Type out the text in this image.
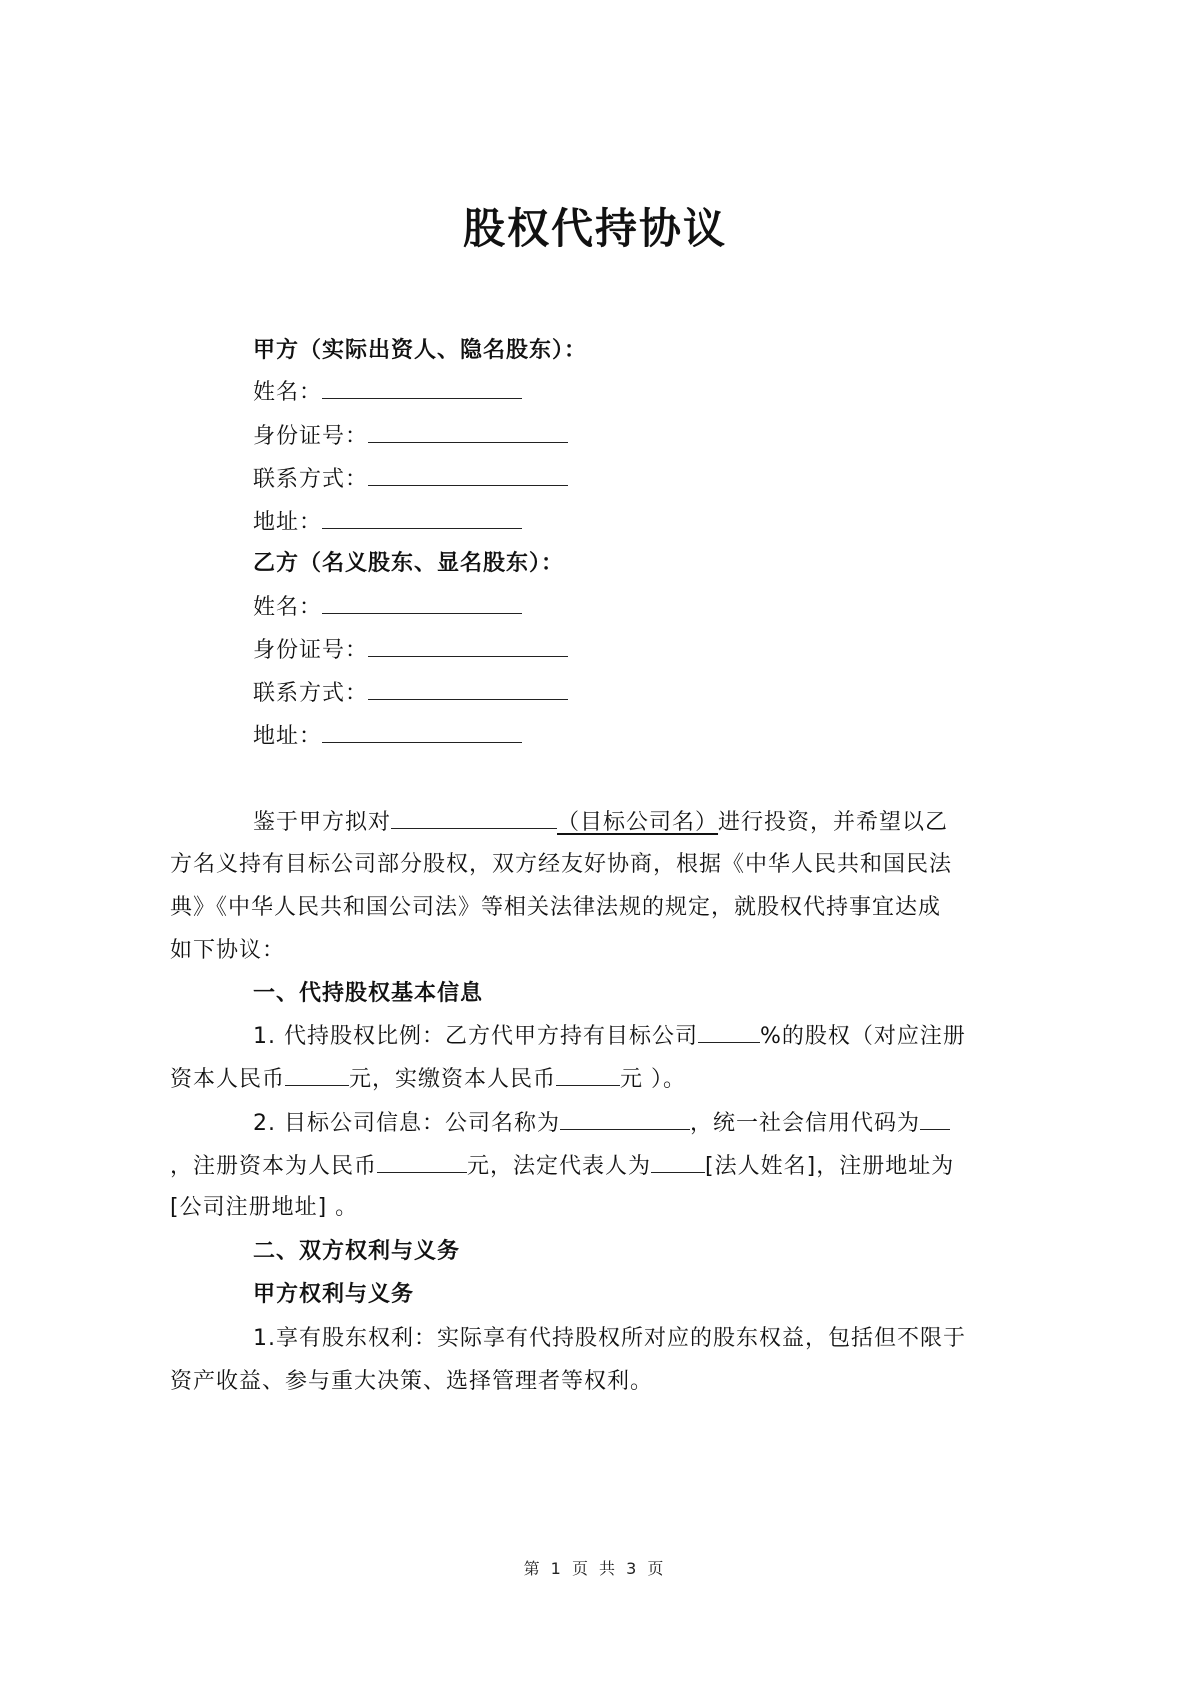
股权代持协议
甲方（实际出资人、隐名股东）：
姓名：
身份证号：
联系方式：
地址：
乙方（名义股东、显名股东）：
姓名：
身份证号：
联系方式：
地址：
鉴于甲方拟对	（目标公司名）进行投资，并希望以乙
方名义持有目标公司部分股权，双方经友好协商，根据《中华人民共和国民法
典》《中华人民共和国公司法》等相关法律法规的规定，就股权代持事宜达成
如下协议：
一、代持股权基本信息
1. 代持股权比例：乙方代甲方持有目标公司	%的股权（对应注册
资本人民币	元，实缴资本人民币	元 ）。
2. 目标公司信息：公司名称为	，统一社会信用代码为
，注册资本为人民币	元，法定代表人为 [法人姓名]，注册地址为
[公司注册地址] 。
二、双方权利与义务
甲方权利与义务
1.享有股东权利：实际享有代持股权所对应的股东权益，包括但不限于
资产收益、参与重大决策、选择管理者等权利。
第 1 页 共 3 页
